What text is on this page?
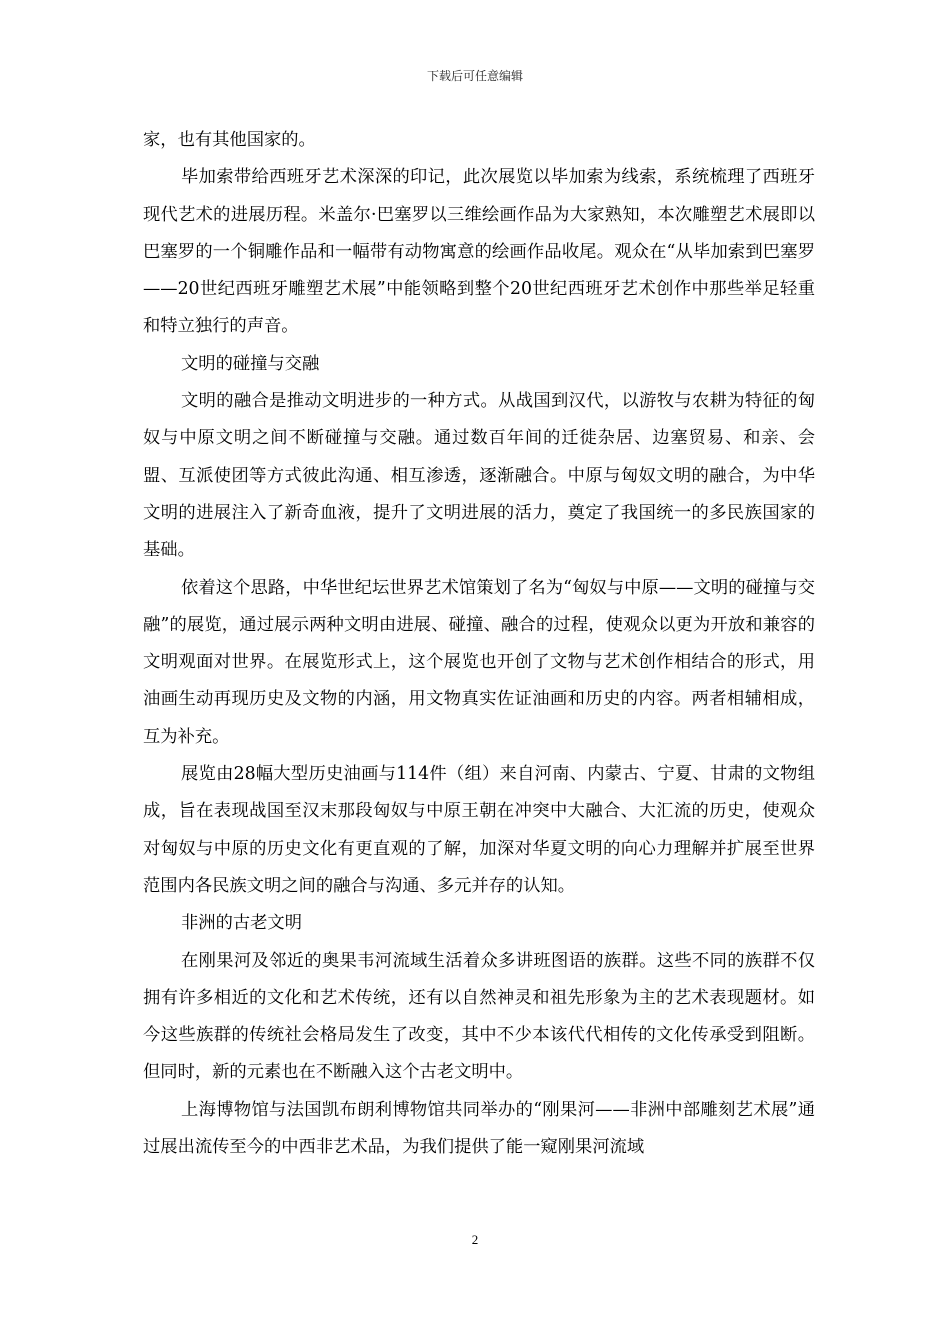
下载后可任意编辑

家，也有其他国家的。

毕加索带给西班牙艺术深深的印记，此次展览以毕加索为线索，系统梳理了西班牙现代艺术的进展历程。米盖尔·巴塞罗以三维绘画作品为大家熟知，本次雕塑艺术展即以巴塞罗的一个铜雕作品和一幅带有动物寓意的绘画作品收尾。观众在“从毕加索到巴塞罗——20世纪西班牙雕塑艺术展”中能领略到整个20世纪西班牙艺术创作中那些举足轻重和特立独行的声音。

文明的碰撞与交融

文明的融合是推动文明进步的一种方式。从战国到汉代，以游牧与农耕为特征的匈奴与中原文明之间不断碰撞与交融。通过数百年间的迁徙杂居、边塞贸易、和亲、会盟、互派使团等方式彼此沟通、相互渗透，逐渐融合。中原与匈奴文明的融合，为中华文明的进展注入了新奇血液，提升了文明进展的活力，奠定了我国统一的多民族国家的基础。

依着这个思路，中华世纪坛世界艺术馆策划了名为“匈奴与中原——文明的碰撞与交融”的展览，通过展示两种文明由进展、碰撞、融合的过程，使观众以更为开放和兼容的文明观面对世界。在展览形式上，这个展览也开创了文物与艺术创作相结合的形式，用油画生动再现历史及文物的内涵，用文物真实佐证油画和历史的内容。两者相辅相成，互为补充。

展览由28幅大型历史油画与114件（组）来自河南、内蒙古、宁夏、甘肃的文物组成，旨在表现战国至汉末那段匈奴与中原王朝在冲突中大融合、大汇流的历史，使观众对匈奴与中原的历史文化有更直观的了解，加深对华夏文明的向心力理解并扩展至世界范围内各民族文明之间的融合与沟通、多元并存的认知。

非洲的古老文明

在刚果河及邻近的奥果韦河流域生活着众多讲班图语的族群。这些不同的族群不仅拥有许多相近的文化和艺术传统，还有以自然神灵和祖先形象为主的艺术表现题材。如今这些族群的传统社会格局发生了改变，其中不少本该代代相传的文化传承受到阻断。但同时，新的元素也在不断融入这个古老文明中。

上海博物馆与法国凯布朗利博物馆共同举办的“刚果河——非洲中部雕刻艺术展”通过展出流传至今的中西非艺术品，为我们提供了能一窥刚果河流域

2
